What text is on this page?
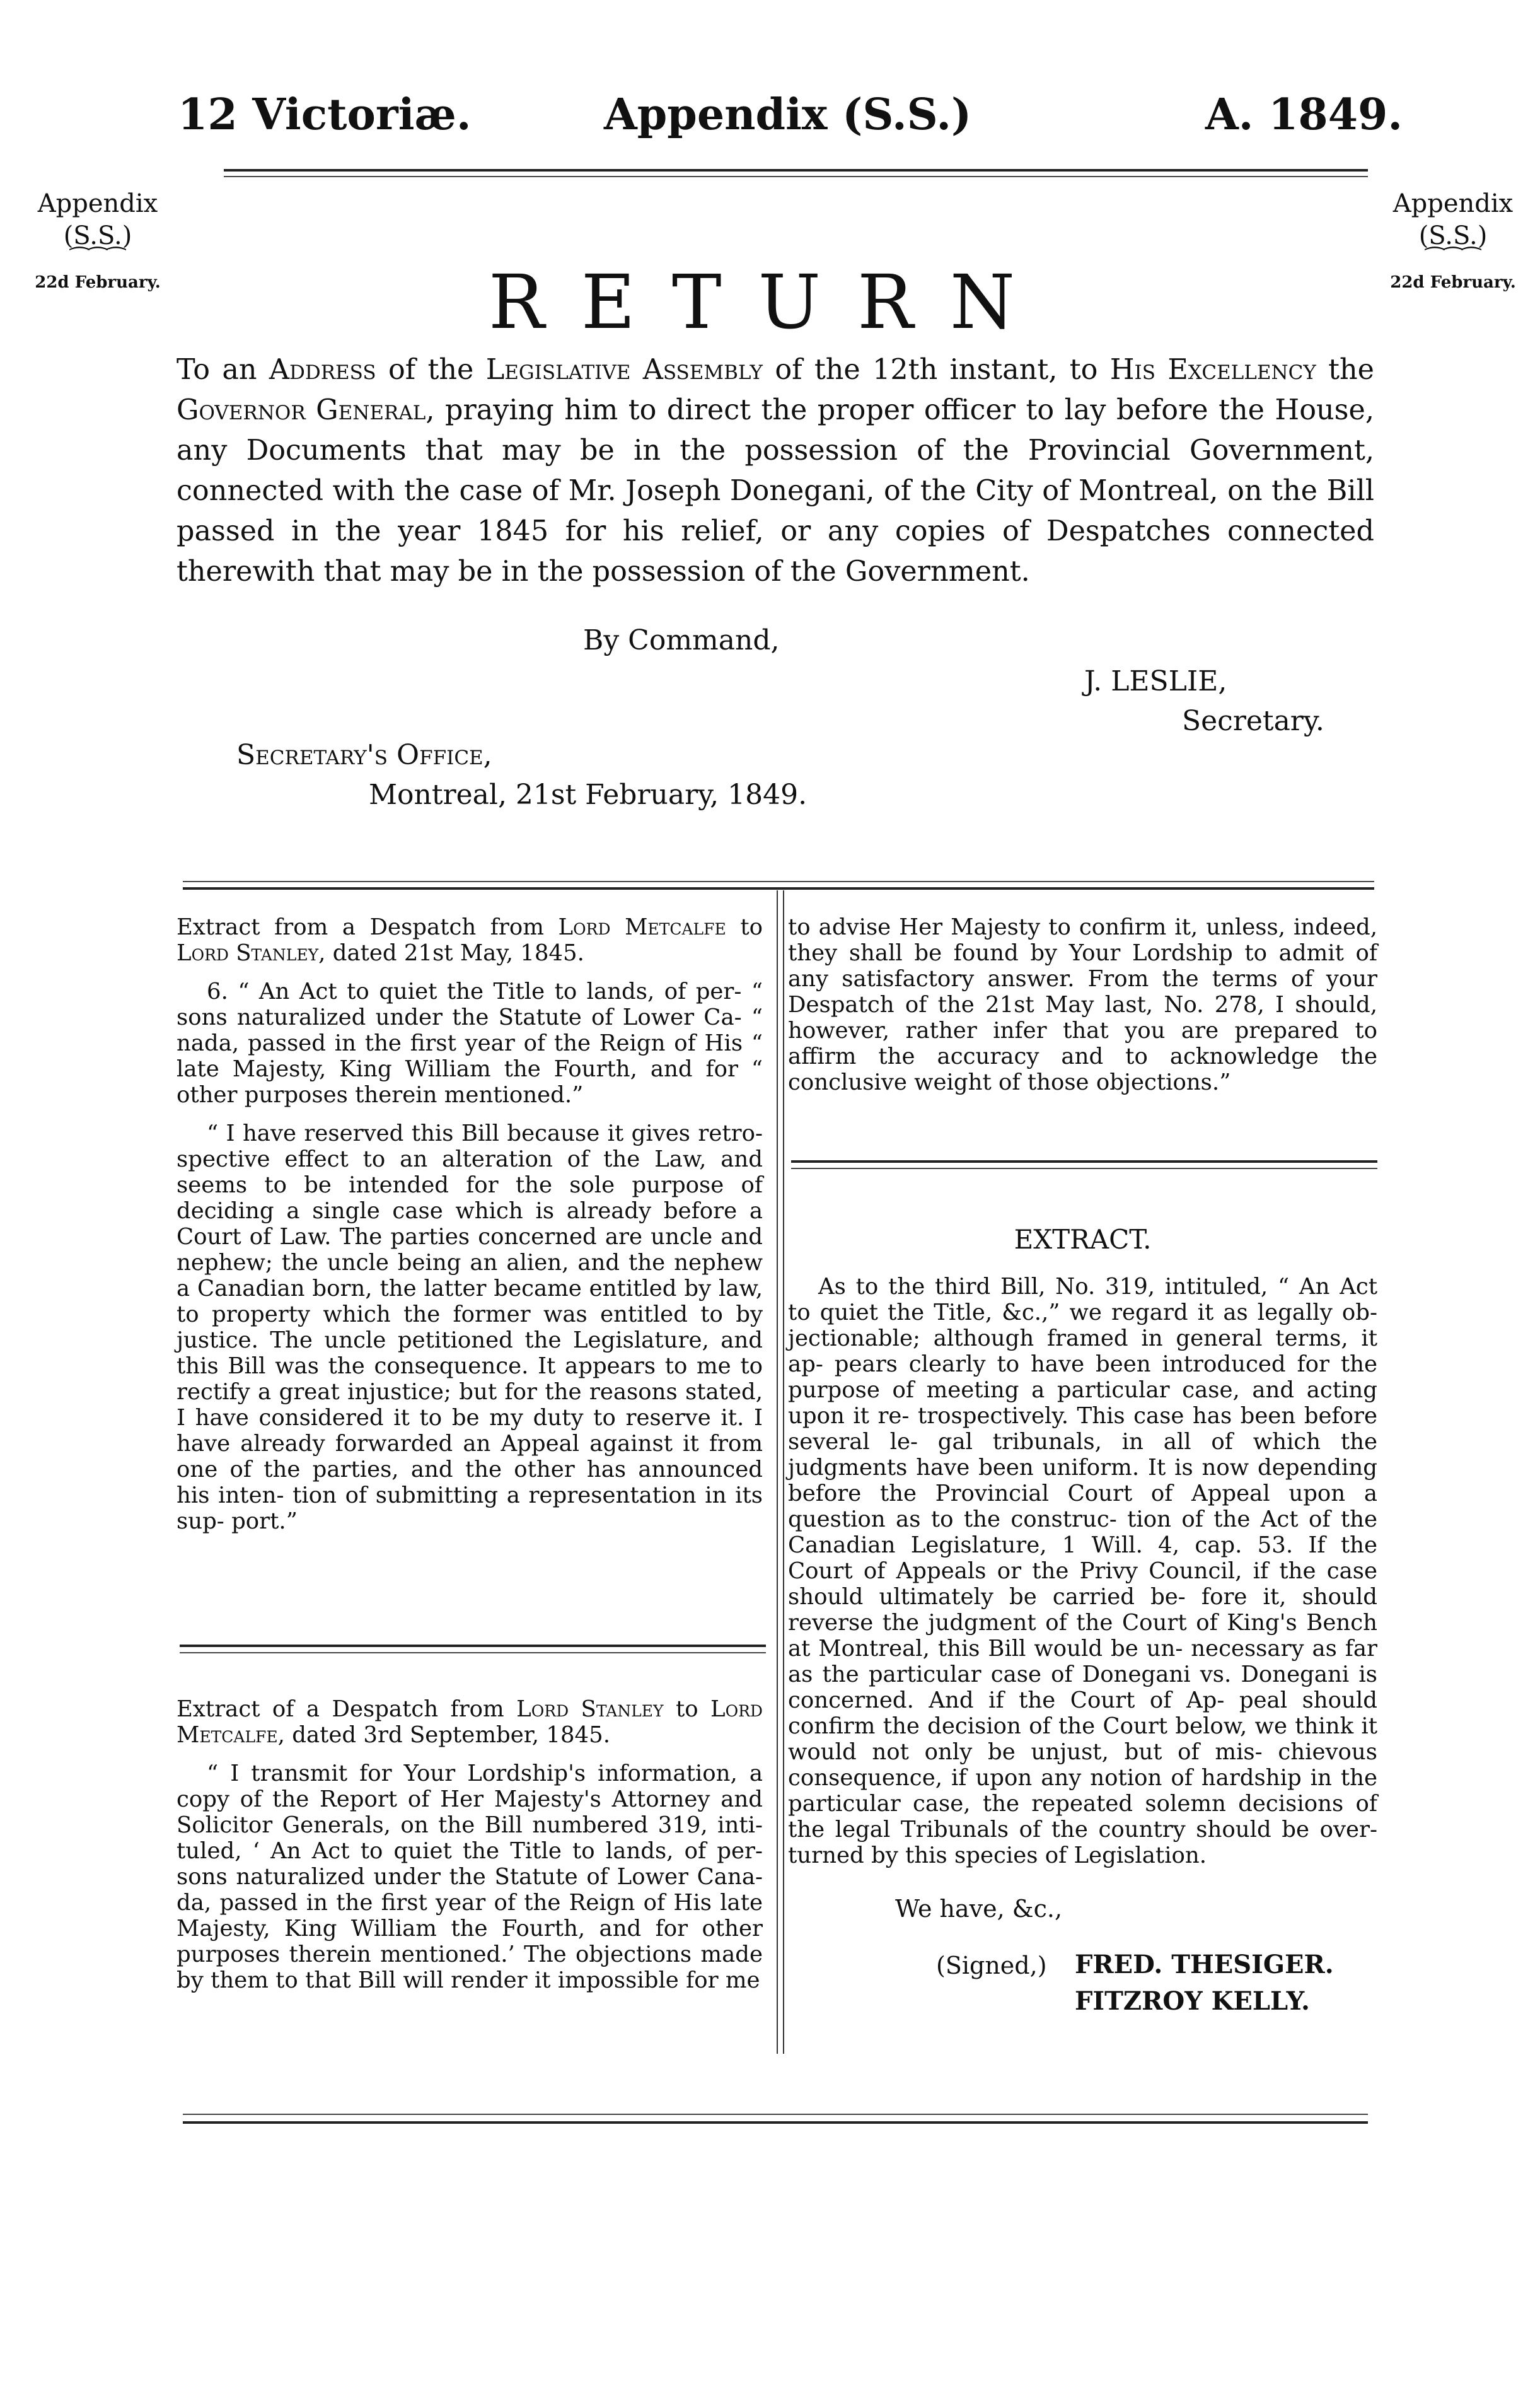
12 Victoriæ.	Appendix (S.S.)	A. 1849.
Appendix
(S.S.)
⁀⁀⁀
22d February.
Appendix
(S.S.)
⁀⁀⁀
22d February.
RETURN
To an Address of the Legislative Assembly of the 12th instant, to His Excellency the Governor General, praying him to direct the proper officer to lay before the House, any Documents that may be in the possession of the Provincial Government, connected with the case of Mr. Joseph Donegani, of the City of Montreal, on the Bill passed in the year 1845 for his relief, or any copies of Despatches connected therewith that may be in the possession of the Government.
By Command,
J. LESLIE,
Secretary.
Secretary's Office,
Montreal, 21st February, 1849.

Extract from a Despatch from Lord Metcalfe to Lord Stanley, dated 21st May, 1845.

6. “ An Act to quiet the Title to lands, of per- “ sons naturalized under the Statute of Lower Ca- “ nada, passed in the first year of the Reign of His “ late Majesty, King William the Fourth, and for “ other purposes therein mentioned.”

“ I have reserved this Bill because it gives retro- spective effect to an alteration of the Law, and seems to be intended for the sole purpose of deciding a single case which is already before a Court of Law. The parties concerned are uncle and nephew; the uncle being an alien, and the nephew a Canadian born, the latter became entitled by law, to property which the former was entitled to by justice. The uncle petitioned the Legislature, and this Bill was the consequence. It appears to me to rectify a great injustice; but for the reasons stated, I have considered it to be my duty to reserve it. I have already forwarded an Appeal against it from one of the parties, and the other has announced his inten- tion of submitting a representation in its sup- port.”

Extract of a Despatch from Lord Stanley to Lord Metcalfe, dated 3rd September, 1845.

“ I transmit for Your Lordship's information, a copy of the Report of Her Majesty's Attorney and Solicitor Generals, on the Bill numbered 319, inti- tuled, ‘ An Act to quiet the Title to lands, of per- sons naturalized under the Statute of Lower Cana- da, passed in the first year of the Reign of His late Majesty, King William the Fourth, and for other purposes therein mentioned.’ The objections made by them to that Bill will render it impossible for me

to advise Her Majesty to confirm it, unless, indeed, they shall be found by Your Lordship to admit of any satisfactory answer. From the terms of your Despatch of the 21st May last, No. 278, I should, however, rather infer that you are prepared to affirm the accuracy and to acknowledge the conclusive weight of those objections.”

EXTRACT.

As to the third Bill, No. 319, intituled, “ An Act to quiet the Title, &c.,” we regard it as legally ob- jectionable; although framed in general terms, it ap- pears clearly to have been introduced for the purpose of meeting a particular case, and acting upon it re- trospectively. This case has been before several le- gal tribunals, in all of which the judgments have been uniform. It is now depending before the Provincial Court of Appeal upon a question as to the construc- tion of the Act of the Canadian Legislature, 1 Will. 4, cap. 53. If the Court of Appeals or the Privy Council, if the case should ultimately be carried be- fore it, should reverse the judgment of the Court of King's Bench at Montreal, this Bill would be un- necessary as far as the particular case of Donegani vs. Donegani is concerned. And if the Court of Ap- peal should confirm the decision of the Court below, we think it would not only be unjust, but of mis- chievous consequence, if upon any notion of hardship in the particular case, the repeated solemn decisions of the legal Tribunals of the country should be over- turned by this species of Legislation.

We have, &c.,
(Signed,) FRED. THESIGER.
FITZROY KELLY.
